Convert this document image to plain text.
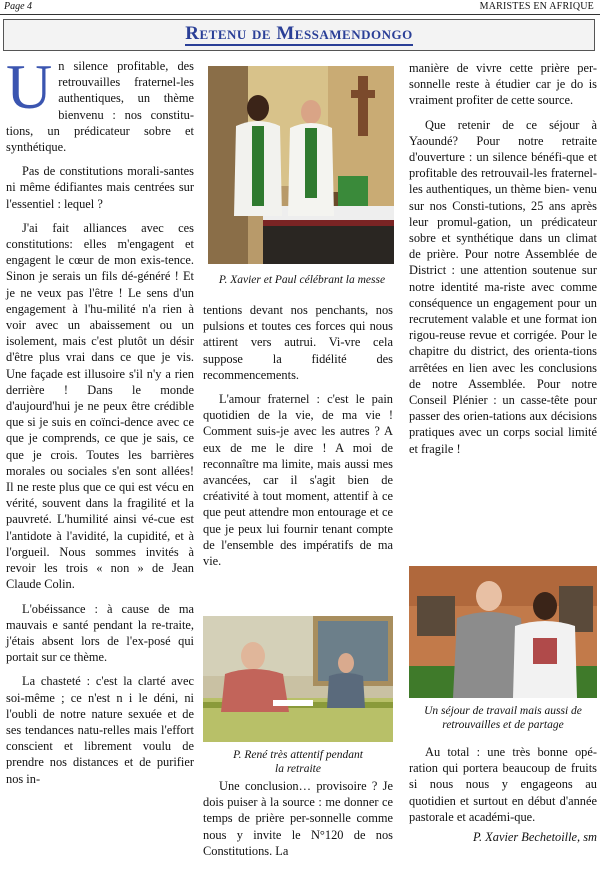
Page 4	MARISTES EN AFRIQUE
Retenu de Messamendongo

U n silence profitable, des retrouvailles fraternel-les authentiques, un thème bienvenu : nos constitu-tions, un prédicateur sobre et synthétique.

Pas de constitutions morali-santes ni même édifiantes mais centrées sur l'essentiel : lequel ?

J'ai fait alliances avec ces constitutions: elles m'engagent et engagent le cœur de mon exis-tence. Sinon je serais un fils dé-généré ! Et je ne veux pas l'être ! Le sens d'un engagement à l'hu-milité n'a rien à voir avec un abaissement ou un isolement, mais c'est plutôt un désir d'être plus vrai dans ce que je vis. Une façade est illusoire s'il n'y a rien derrière ! Dans le monde d'aujourd'hui je ne peux être crédible que si je suis en coïnci-dence avec ce que je comprends, ce que je sais, ce que je crois. Toutes les barrières morales ou sociales s'en sont allées! Il ne reste plus que ce qui est vécu en vérité, souvent dans la fragilité et la pauvreté. L'humilité ainsi vé-cue est l'antidote à l'avidité, la cupidité, et à l'orgueil. Nous sommes invités à revoir les trois « non » de Jean Claude Colin.

L'obéissance : à cause de ma mauvais e santé pendant la re-traite, j'étais absent lors de l'ex-posé qui portait sur ce thème.

La chasteté : c'est la clarté avec soi-même ; ce n'est n i le déni, ni l'oubli de notre nature sexuée et de ses tendances natu-relles mais l'effort conscient et librement voulu de prendre nos distances et de purifier nos in-

P. Xavier et Paul célébrant la messe

tentions devant nos penchants, nos pulsions et toutes ces forces qui nous attirent vers autrui. Vi-vre cela suppose la fidélité des recommencements.

L'amour fraternel : c'est le pain quotidien de la vie, de ma vie ! Comment suis-je avec les autres ? A eux de me le dire ! A moi de reconnaître ma limite, mais aussi mes avancées, car il s'agit bien de créativité à tout moment, attentif à ce que peut attendre mon entourage et ce que je peux lui fournir tenant compte de l'ensemble des impératifs de ma vie.

P. René très attentif pendant
la retraite

Une conclusion… provisoire ? Je dois puiser à la source : me donner ce temps de prière per-sonnelle comme nous y invite le N°120 de nos Constitutions. La

manière de vivre cette prière per-sonnelle reste à étudier car je do is vraiment profiter de cette source.

Que retenir de ce séjour à Yaoundé? Pour notre retraite d'ouverture : un silence bénéfi-que et profitable des retrouvail-les fraternel- les authentiques, un thème bien- venu sur nos Consti-tutions, 25 ans après leur promul-gation, un prédicateur sobre et synthétique dans un climat de prière. Pour notre Assemblée de District : une attention soutenue sur notre identité ma-riste avec comme conséquence un engagement pour un recrutement valable et une format ion rigou-reuse revue et corrigée. Pour le chapitre du district, des orienta-tions arrêtées en lien avec les conclusions de notre Assemblée. Pour notre Conseil Plénier : un casse-tête pour passer des orien-tations aux décisions pratiques avec un corps social limité et fragile !

Un séjour de travail mais aussi de
retrouvailles et de partage

Au total : une très bonne opé-ration qui portera beaucoup de fruits si nous nous y engageons au quotidien et surtout en début d'année pastorale et académi-que.

P. Xavier Bechetoille, sm
